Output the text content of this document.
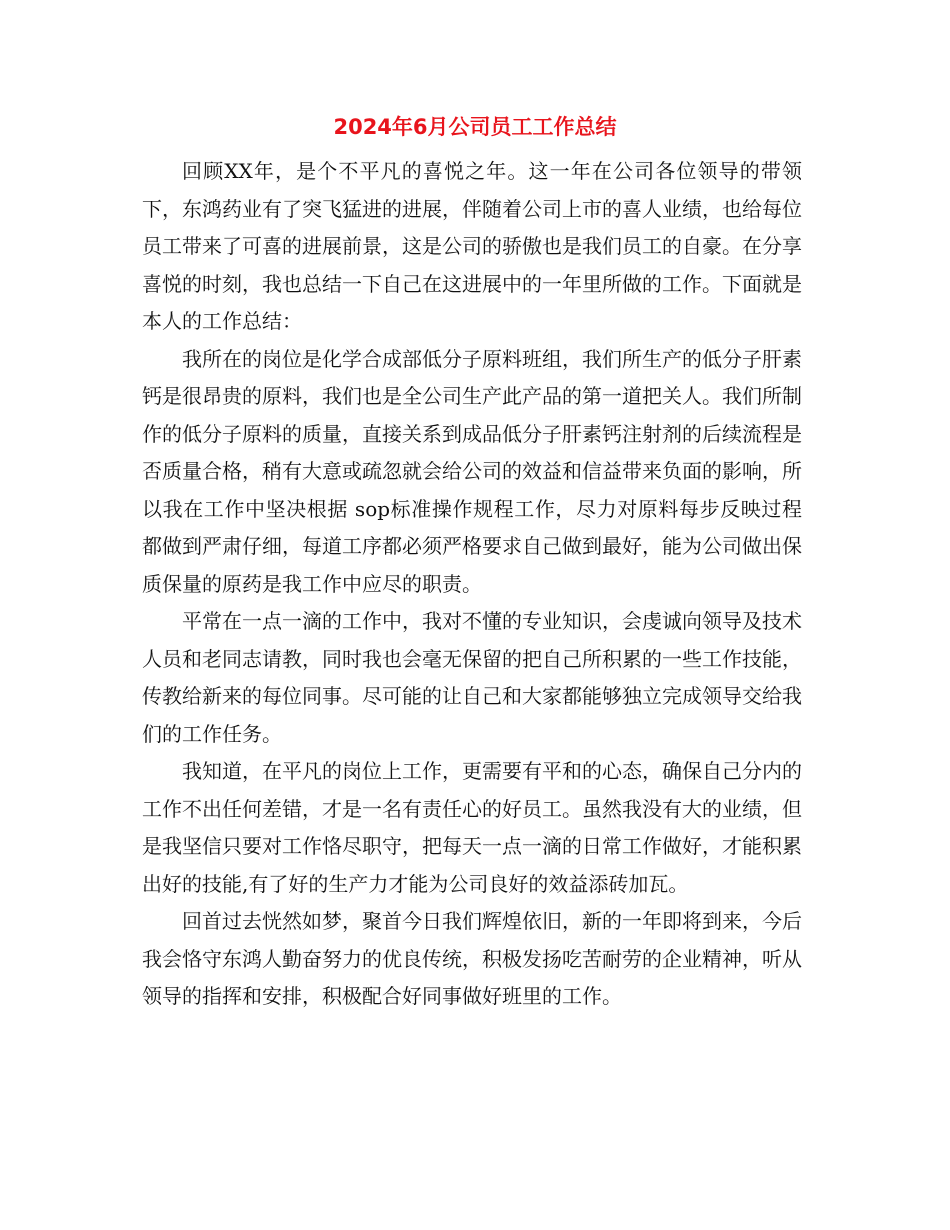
2024年6月公司员工工作总结

回顾XX年，是个不平凡的喜悦之年。这一年在公司各位领导的带领下，东鸿药业有了突飞猛进的进展，伴随着公司上市的喜人业绩，也给每位员工带来了可喜的进展前景，这是公司的骄傲也是我们员工的自豪。在分享喜悦的时刻，我也总结一下自己在这进展中的一年里所做的工作。下面就是本人的工作总结：

我所在的岗位是化学合成部低分子原料班组，我们所生产的低分子肝素钙是很昂贵的原料，我们也是全公司生产此产品的第一道把关人。我们所制作的低分子原料的质量，直接关系到成品低分子肝素钙注射剂的后续流程是否质量合格，稍有大意或疏忽就会给公司的效益和信益带来负面的影响，所以我在工作中坚决根据 sop标准操作规程工作，尽力对原料每步反映过程都做到严肃仔细，每道工序都必须严格要求自己做到最好，能为公司做出保质保量的原药是我工作中应尽的职责。

平常在一点一滴的工作中，我对不懂的专业知识，会虔诚向领导及技术人员和老同志请教，同时我也会毫无保留的把自己所积累的一些工作技能，传教给新来的每位同事。尽可能的让自己和大家都能够独立完成领导交给我们的工作任务。

我知道，在平凡的岗位上工作，更需要有平和的心态，确保自己分内的工作不出任何差错，才是一名有责任心的好员工。虽然我没有大的业绩，但是我坚信只要对工作恪尽职守，把每天一点一滴的日常工作做好，才能积累出好的技能,有了好的生产力才能为公司良好的效益添砖加瓦。

回首过去恍然如梦，聚首今日我们辉煌依旧，新的一年即将到来，今后我会恪守东鸿人勤奋努力的优良传统，积极发扬吃苦耐劳的企业精神，听从领导的指挥和安排，积极配合好同事做好班里的工作。
